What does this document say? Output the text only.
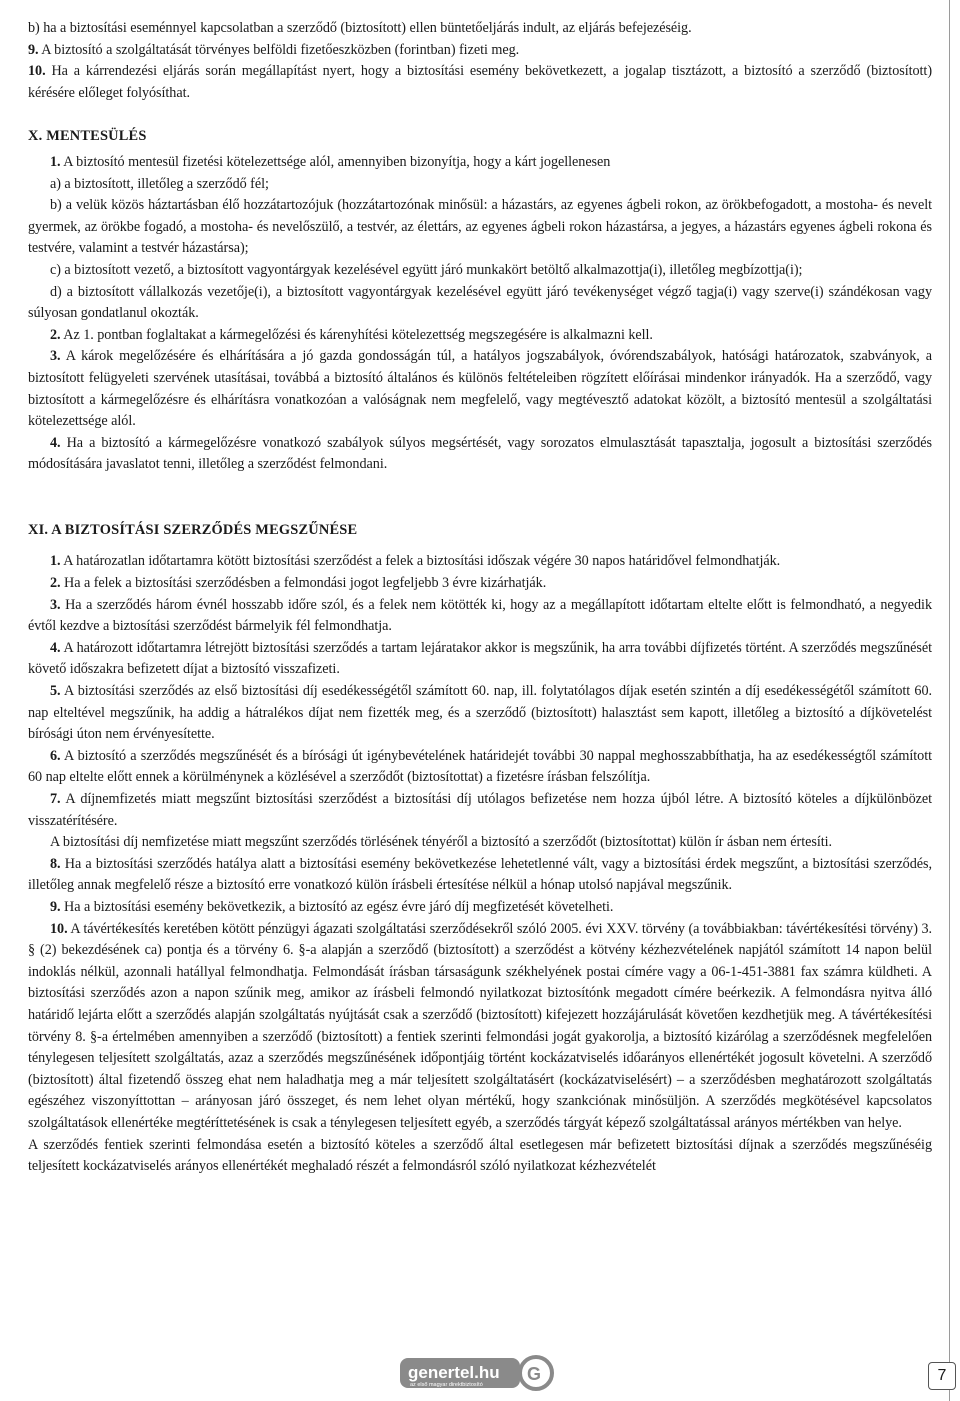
b) ha a biztosítási eseménnyel kapcsolatban a szerződő (biztosított) ellen büntetőeljárás indult, az eljárás befejezéséig.

9. A biztosító a szolgáltatását törvényes belföldi fizetőeszközben (forintban) fizeti meg.

10. Ha a kárrendezési eljárás során megállapítást nyert, hogy a biztosítási esemény bekövetkezett, a jogalap tisztázott, a biztosító a szerződő (biztosított) kérésére előleget folyósíthat.

X. MENTESÜLÉS

1. A biztosító mentesül fizetési kötelezettsége alól, amennyiben bizonyítja, hogy a kárt jogellenesen

a) a biztosított, illetőleg a szerződő fél;

b) a velük közös háztartásban élő hozzátartozójuk (hozzátartozónak minősül: a házastárs, az egyenes ágbeli rokon, az örökbefogadott, a mostoha- és nevelt gyermek, az örökbe fogadó, a mostoha- és nevelőszülő, a testvér, az élettárs, az egyenes ágbeli rokon házastársa, a jegyes, a házastárs egyenes ágbeli rokona és testvére, valamint a testvér házastársa);

c) a biztosított vezető, a biztosított vagyontárgyak kezelésével együtt járó munkakört betöltő alkalmazottja(i), illetőleg megbízottja(i);

d) a biztosított vállalkozás vezetője(i), a biztosított vagyontárgyak kezelésével együtt járó tevékenységet végző tagja(i) vagy szerve(i) szándékosan vagy súlyosan gondatlanul okozták.

2. Az 1. pontban foglaltakat a kármegelőzési és kárenyhítési kötelezettség megszegésére is alkalmazni kell.

3. A károk megelőzésére és elhárítására a jó gazda gondosságán túl, a hatályos jogszabályok, óvórendszabályok, hatósági határozatok, szabványok, a biztosított felügyeleti szervének utasításai, továbbá a biztosító általános és különös feltételeiben rögzített előírásai mindenkor irányadók. Ha a szerződő, vagy biztosított a kármegelőzésre és elhárításra vonatkozóan a valóságnak nem megfelelő, vagy megtévesztő adatokat közölt, a biztosító mentesül a szolgáltatási kötelezettsége alól.

4. Ha a biztosító a kármegelőzésre vonatkozó szabályok súlyos megsértését, vagy sorozatos elmulasztását tapasztalja, jogosult a biztosítási szerződés módosítására javaslatot tenni, illetőleg a szerződést felmondani.

XI. A BIZTOSÍTÁSI SZERZŐDÉS MEGSZŰNÉSE

1. A határozatlan időtartamra kötött biztosítási szerződést a felek a biztosítási időszak végére 30 napos határidővel felmondhatják.

2. Ha a felek a biztosítási szerződésben a felmondási jogot legfeljebb 3 évre kizárhatják.

3. Ha a szerződés három évnél hosszabb időre szól, és a felek nem kötötték ki, hogy az a megállapított időtartam eltelte előtt is felmondható, a negyedik évtől kezdve a biztosítási szerződést bármelyik fél felmondhatja.

4. A határozott időtartamra létrejött biztosítási szerződés a tartam lejáratakor akkor is megszűnik, ha arra további díjfizetés történt. A szerződés megszűnését követő időszakra befizetett díjat a biztosító visszafizeti.

5. A biztosítási szerződés az első biztosítási díj esedékességétől számított 60. nap, ill. folytatólagos díjak esetén szintén a díj esedékességétől számított 60. nap elteltével megszűnik, ha addig a hátralékos díjat nem fizették meg, és a szerződő (biztosított) halasztást sem kapott, illetőleg a biztosító a díjkövetelést bírósági úton nem érvényesítette.

6. A biztosító a szerződés megszűnését és a bírósági út igénybevételének határidejét további 30 nappal meghosszabbíthatja, ha az esedékességtől számított 60 nap eltelte előtt ennek a körülménynek a közlésével a szerződőt (biztosítottat) a fizetésre írásban felszólítja.

7. A díjnemfizetés miatt megszűnt biztosítási szerződést a biztosítási díj utólagos befizetése nem hozza újból létre. A biztosító köteles a díjkülönbözet visszatérítésére.

A biztosítási díj nemfizetése miatt megszűnt szerződés törlésének tényéről a biztosító a szerződőt (biztosítottat) külön ír ásban nem értesíti.

8. Ha a biztosítási szerződés hatálya alatt a biztosítási esemény bekövetkezése lehetetlenné vált, vagy a biztosítási érdek megszűnt, a biztosítási szerződés, illetőleg annak megfelelő része a biztosító erre vonatkozó külön írásbeli értesítése nélkül a hónap utolsó napjával megszűnik.

9. Ha a biztosítási esemény bekövetkezik, a biztosító az egész évre járó díj megfizetését követelheti.

10. A távértékesítés keretében kötött pénzügyi ágazati szolgáltatási szerződésekről szóló 2005. évi XXV. törvény (a továbbiakban: távértékesítési törvény) 3. § (2) bekezdésének ca) pontja és a törvény 6. §-a alapján a szerződő (biztosított) a szerződést a kötvény kézhezvételének napjától számított 14 napon belül indoklás nélkül, azonnali hatállyal felmondhatja. Felmondását írásban társaságunk székhelyének postai címére vagy a 06-1-451-3881 fax számra küldheti. A biztosítási szerződés azon a napon szűnik meg, amikor az írásbeli felmondó nyilatkozat biztosítónk megadott címére beérkezik. A felmondásra nyitva álló határidő lejárta előtt a szerződés alapján szolgáltatás nyújtását csak a szerződő (biztosított) kifejezett hozzájárulását követően kezdhetjük meg. A távértékesítési törvény 8. §-a értelmében amennyiben a szerződő (biztosított) a fentiek szerinti felmondási jogát gyakorolja, a biztosító kizárólag a szerződésnek megfelelően ténylegesen teljesített szolgáltatás, azaz a szerződés megszűnésének időpontjáig történt kockázatviselés időarányos ellenértékét jogosult követelni. A szerződő (biztosított) által fizetendő összeg ehat nem haladhatja meg a már teljesített szolgáltatásért (kockázatviselésért) – a szerződésben meghatározott szolgáltatás egészéhez viszonyíttottan – arányosan járó összeget, és nem lehet olyan mértékű, hogy szankciónak minősüljön. A szerződés megkötésével kapcsolatos szolgáltatások ellenértéke megtéríttetésének is csak a ténylegesen teljesített egyéb, a szerződés tárgyát képező szolgáltatással arányos mértékben van helye.

A szerződés fentiek szerinti felmondása esetén a biztosító köteles a szerződő által esetlegesen már befizetett biztosítási díjnak a szerződés megszűnéséig teljesített kockázatviselés arányos ellenértékét meghaladó részét a felmondásról szóló nyilatkozat kézhezvételét

genertel.hu
az első magyar direktbiztosító
G	7
